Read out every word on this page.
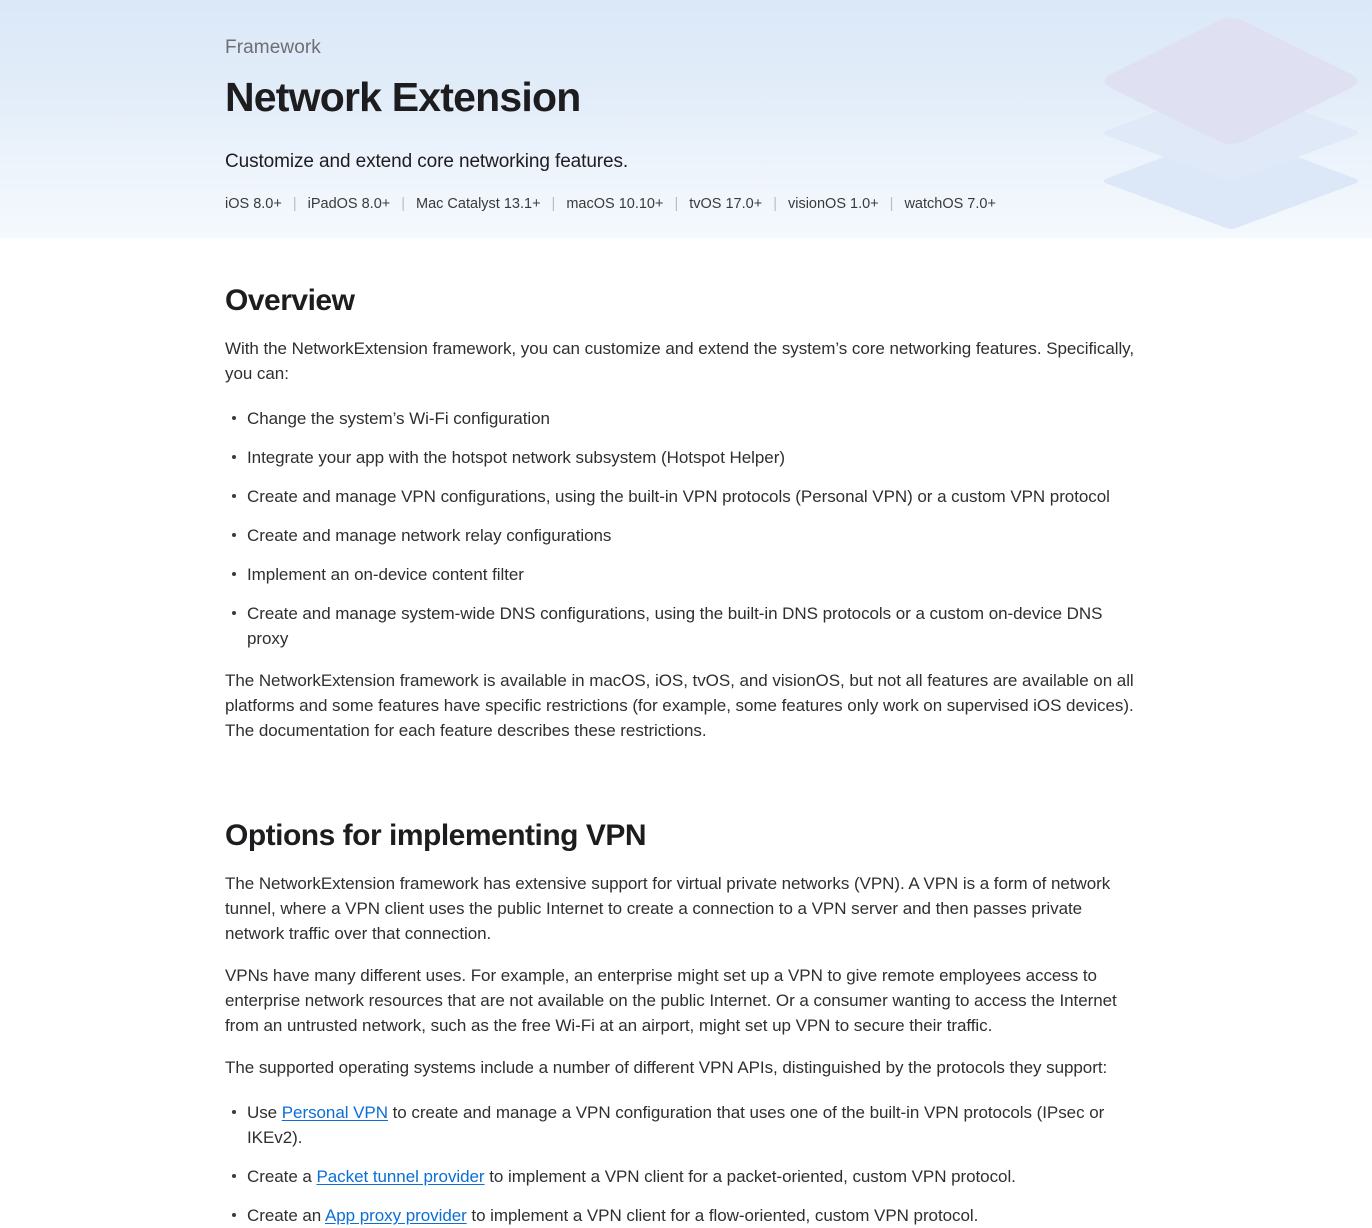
Framework
Network Extension
Customize and extend core networking features.
iOS 8.0+ | iPadOS 8.0+ | Mac Catalyst 13.1+ | macOS 10.10+ | tvOS 17.0+ | visionOS 1.0+ | watchOS 7.0+
Overview

With the NetworkExtension framework, you can customize and extend the system’s core networking features. Specifically, you can:

Change the system’s Wi-Fi configuration
Integrate your app with the hotspot network subsystem (Hotspot Helper)
Create and manage VPN configurations, using the built-in VPN protocols (Personal VPN) or a custom VPN protocol
Create and manage network relay configurations
Implement an on-device content filter
Create and manage system-wide DNS configurations, using the built-in DNS protocols or a custom on-device DNS proxy

The NetworkExtension framework is available in macOS, iOS, tvOS, and visionOS, but not all features are available on all platforms and some features have specific restrictions (for example, some features only work on supervised iOS devices). The documentation for each feature describes these restrictions.

Options for implementing VPN

The NetworkExtension framework has extensive support for virtual private networks (VPN). A VPN is a form of network tunnel, where a VPN client uses the public Internet to create a connection to a VPN server and then passes private network traffic over that connection.

VPNs have many different uses. For example, an enterprise might set up a VPN to give remote employees access to enterprise network resources that are not available on the public Internet. Or a consumer wanting to access the Internet from an untrusted network, such as the free Wi-Fi at an airport, might set up VPN to secure their traffic.

The supported operating systems include a number of different VPN APIs, distinguished by the protocols they support:

Use Personal VPN to create and manage a VPN configuration that uses one of the built-in VPN protocols (IPsec or IKEv2).
Create a Packet tunnel provider to implement a VPN client for a packet-oriented, custom VPN protocol.
Create an App proxy provider to implement a VPN client for a flow-oriented, custom VPN protocol.
